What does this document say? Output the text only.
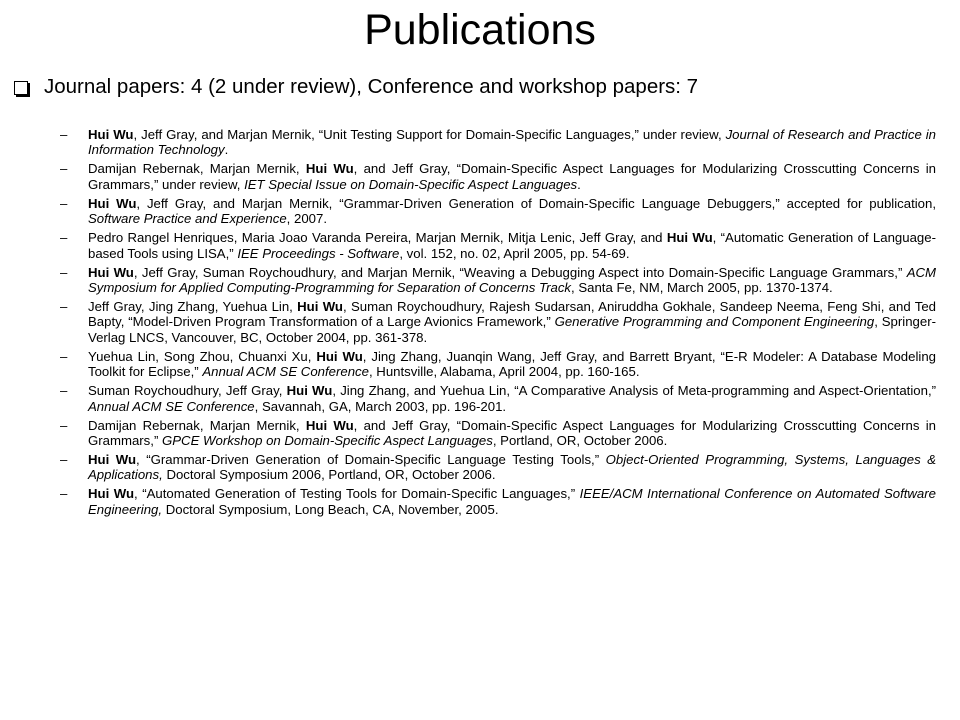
Publications
Journal papers: 4 (2 under review), Conference and workshop papers: 7
– Hui Wu, Jeff Gray, and Marjan Mernik, “Unit Testing Support for Domain-Specific Languages,” under review, Journal of Research and Practice in Information Technology.
– Damijan Rebernak, Marjan Mernik, Hui Wu, and Jeff Gray, “Domain-Specific Aspect Languages for Modularizing Crosscutting Concerns in Grammars,” under review, IET Special Issue on Domain-Specific Aspect Languages.
– Hui Wu, Jeff Gray, and Marjan Mernik, “Grammar-Driven Generation of Domain-Specific Language Debuggers,” accepted for publication, Software Practice and Experience, 2007.
– Pedro Rangel Henriques, Maria Joao Varanda Pereira, Marjan Mernik, Mitja Lenic, Jeff Gray, and Hui Wu, “Automatic Generation of Language-based Tools using LISA,” IEE Proceedings - Software, vol. 152, no. 02, April 2005, pp. 54-69.
– Hui Wu, Jeff Gray, Suman Roychoudhury, and Marjan Mernik, “Weaving a Debugging Aspect into Domain-Specific Language Grammars,” ACM Symposium for Applied Computing-Programming for Separation of Concerns Track, Santa Fe, NM, March 2005, pp. 1370-1374.
– Jeff Gray, Jing Zhang, Yuehua Lin, Hui Wu, Suman Roychoudhury, Rajesh Sudarsan, Aniruddha Gokhale, Sandeep Neema, Feng Shi, and Ted Bapty, “Model-Driven Program Transformation of a Large Avionics Framework,” Generative Programming and Component Engineering, Springer-Verlag LNCS, Vancouver, BC, October 2004, pp. 361-378.
– Yuehua Lin, Song Zhou, Chuanxi Xu, Hui Wu, Jing Zhang, Juanqin Wang, Jeff Gray, and Barrett Bryant, “E-R Modeler: A Database Modeling Toolkit for Eclipse,” Annual ACM SE Conference, Huntsville, Alabama, April 2004, pp. 160-165.
– Suman Roychoudhury, Jeff Gray, Hui Wu, Jing Zhang, and Yuehua Lin, “A Comparative Analysis of Meta-programming and Aspect-Orientation,” Annual ACM SE Conference, Savannah, GA, March 2003, pp. 196-201.
– Damijan Rebernak, Marjan Mernik, Hui Wu, and Jeff Gray, “Domain-Specific Aspect Languages for Modularizing Crosscutting Concerns in Grammars,” GPCE Workshop on Domain-Specific Aspect Languages, Portland, OR, October 2006.
– Hui Wu, “Grammar-Driven Generation of Domain-Specific Language Testing Tools,” Object-Oriented Programming, Systems, Languages & Applications, Doctoral Symposium 2006, Portland, OR, October 2006.
– Hui Wu, “Automated Generation of Testing Tools for Domain-Specific Languages,” IEEE/ACM International Conference on Automated Software Engineering, Doctoral Symposium, Long Beach, CA, November, 2005.
